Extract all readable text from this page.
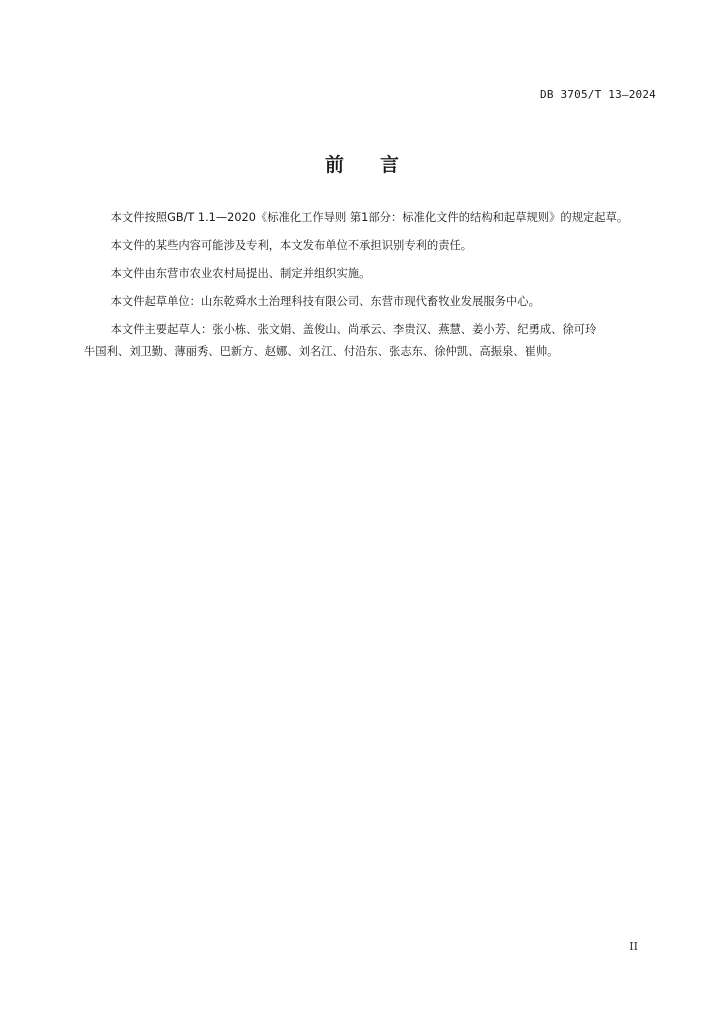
DB 3705/T 13—2024
前言

本文件按照GB/T 1.1—2020《标准化工作导则 第1部分：标准化文件的结构和起草规则》的规定起草。

本文件的某些内容可能涉及专利，本文发布单位不承担识别专利的责任。

本文件由东营市农业农村局提出、制定并组织实施。

本文件起草单位：山东乾舜水土治理科技有限公司、东营市现代畜牧业发展服务中心。

本文件主要起草人：张小栋、张文娟、盖俊山、尚承云、李贵汉、燕慧、姜小芳、纪勇成、徐可玲

牛国利、刘卫勤、薄丽秀、巴新方、赵娜、刘名江、付沿东、张志东、徐仲凯、高振泉、崔帅。

II
